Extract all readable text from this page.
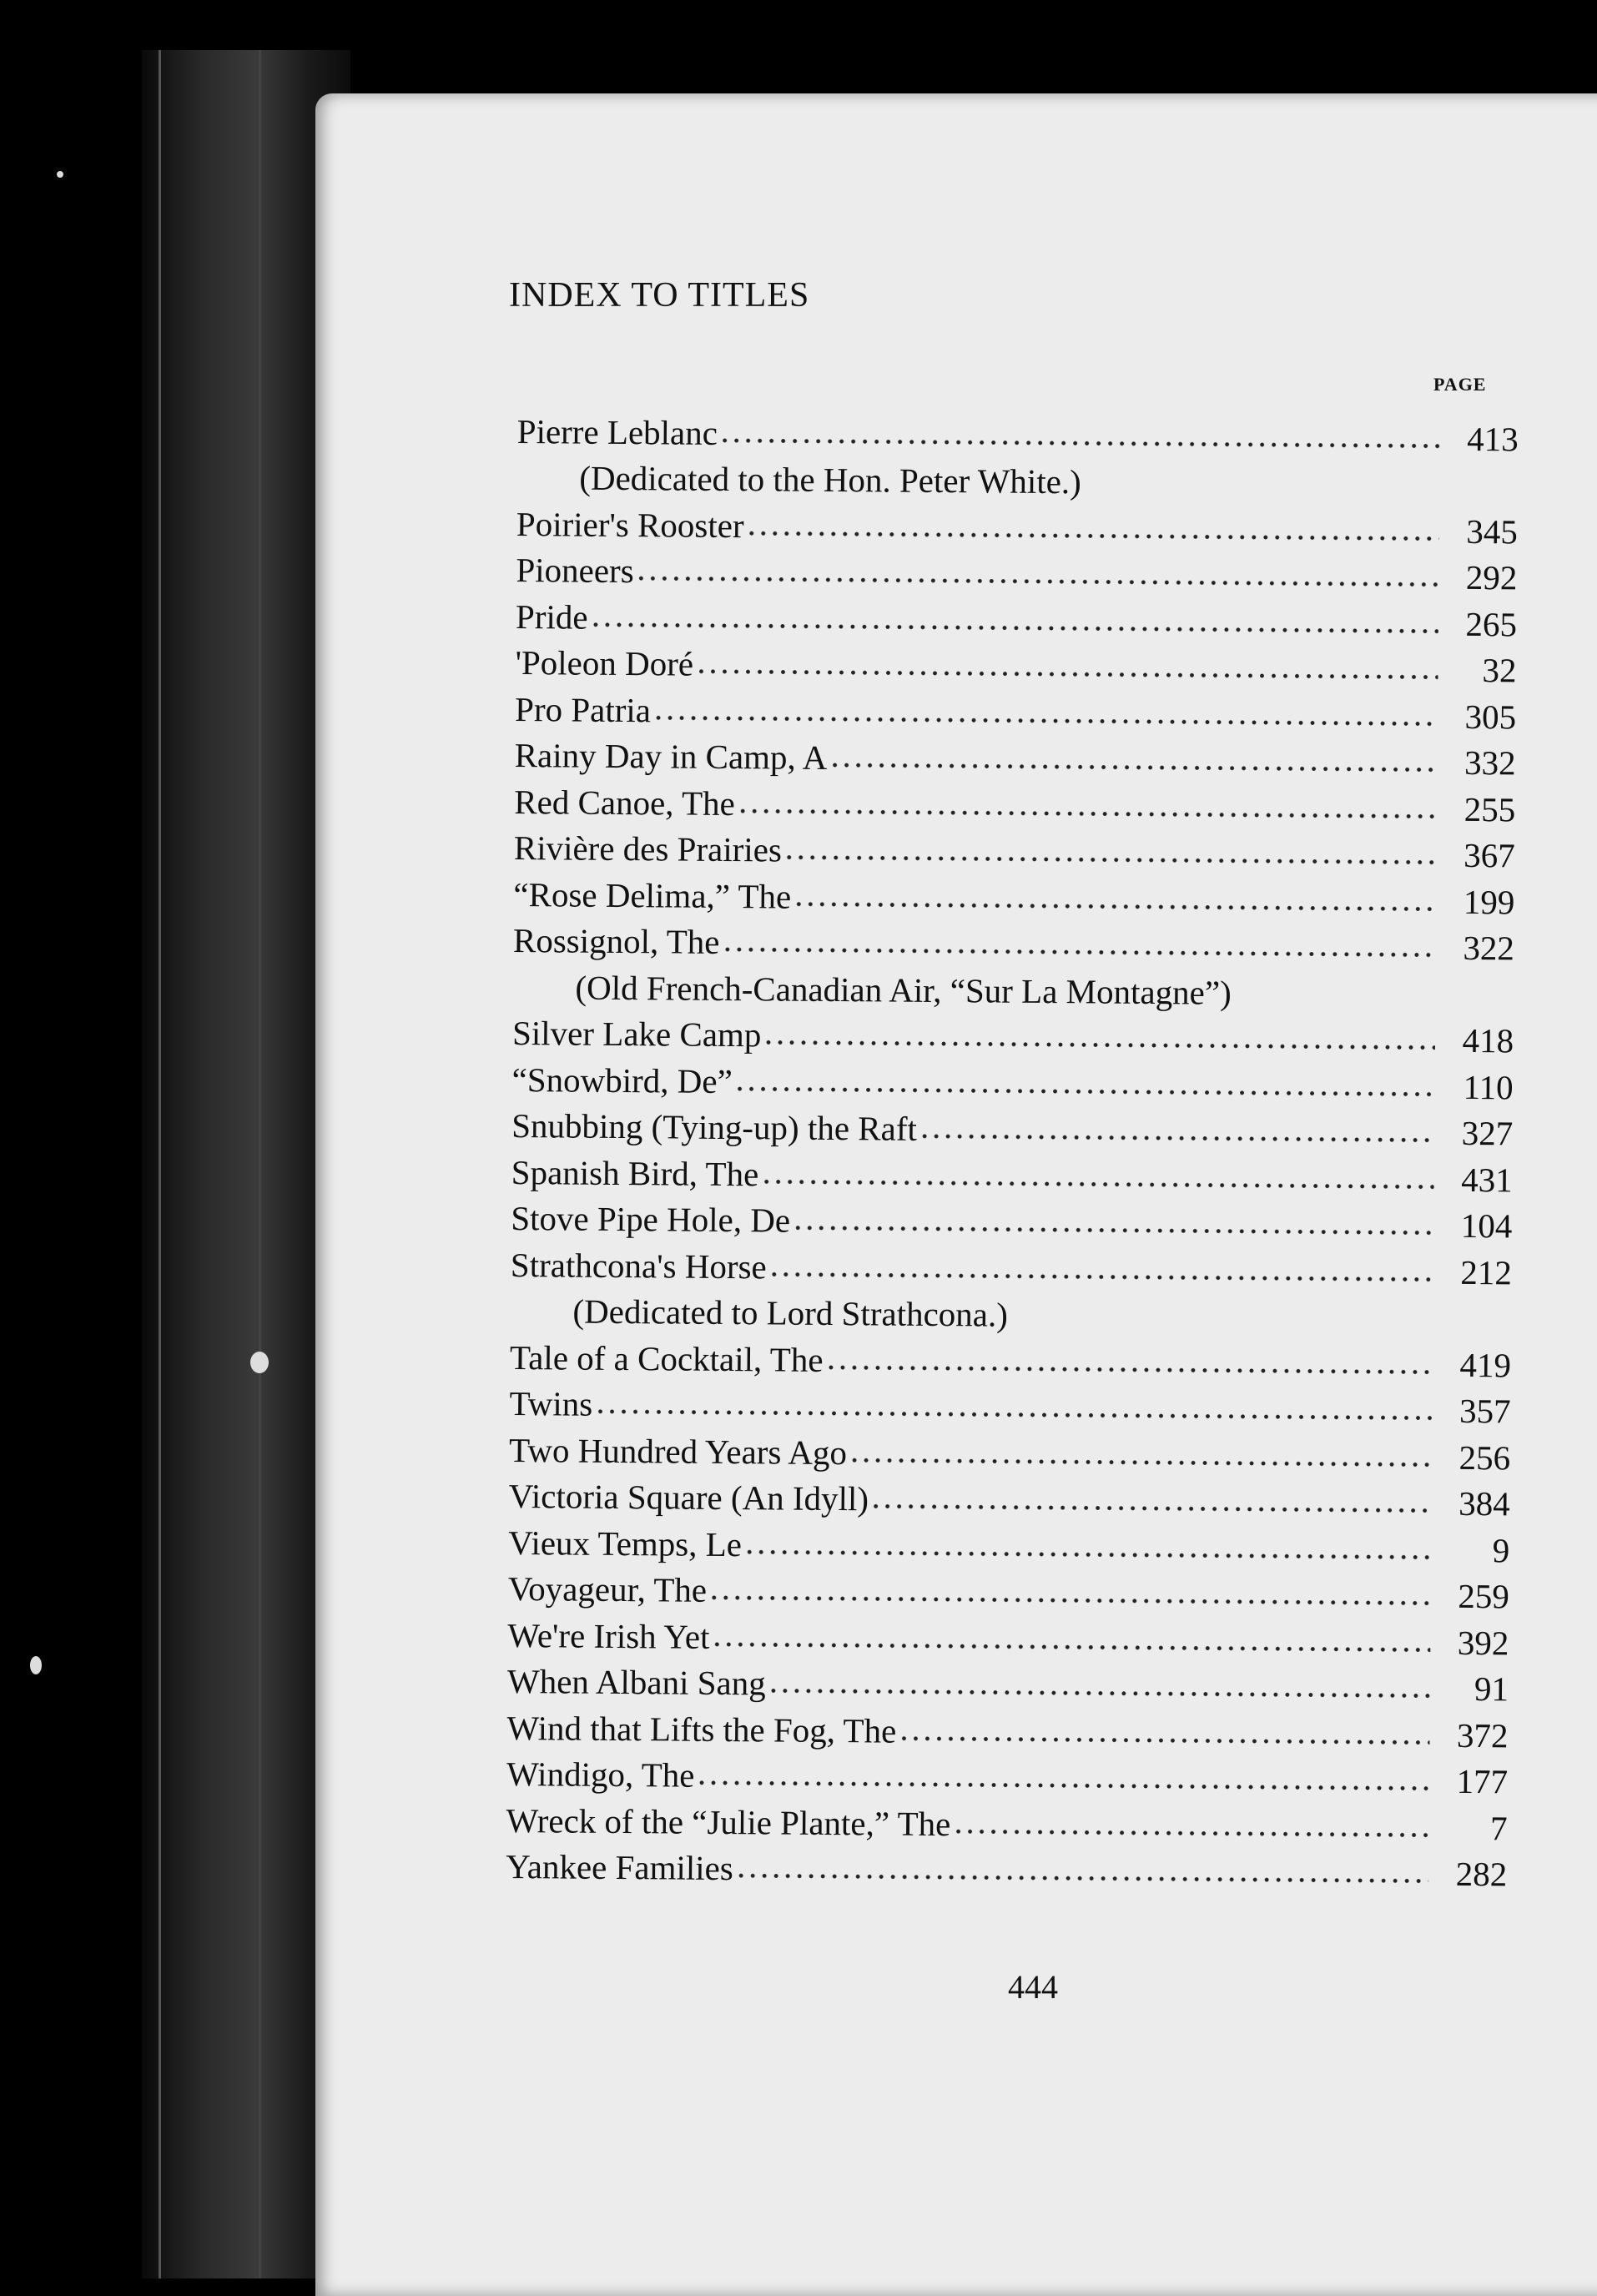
INDEX TO TITLES
PAGE
Pierre Leblanc	413
(Dedicated to the Hon. Peter White.)
Poirier's Rooster	345
Pioneers	292
Pride	265
'Poleon Doré	32
Pro Patria	305
Rainy Day in Camp, A	332
Red Canoe, The	255
Rivière des Prairies	367
“Rose Delima,” The	199
Rossignol, The	322
(Old French-Canadian Air, “Sur La Montagne”)
Silver Lake Camp	418
“Snowbird, De”	110
Snubbing (Tying-up) the Raft	327
Spanish Bird, The	431
Stove Pipe Hole, De	104
Strathcona's Horse	212
(Dedicated to Lord Strathcona.)
Tale of a Cocktail, The	419
Twins	357
Two Hundred Years Ago	256
Victoria Square (An Idyll)	384
Vieux Temps, Le	9
Voyageur, The	259
We're Irish Yet	392
When Albani Sang	91
Wind that Lifts the Fog, The	372
Windigo, The	177
Wreck of the “Julie Plante,” The	7
Yankee Families	282
444
